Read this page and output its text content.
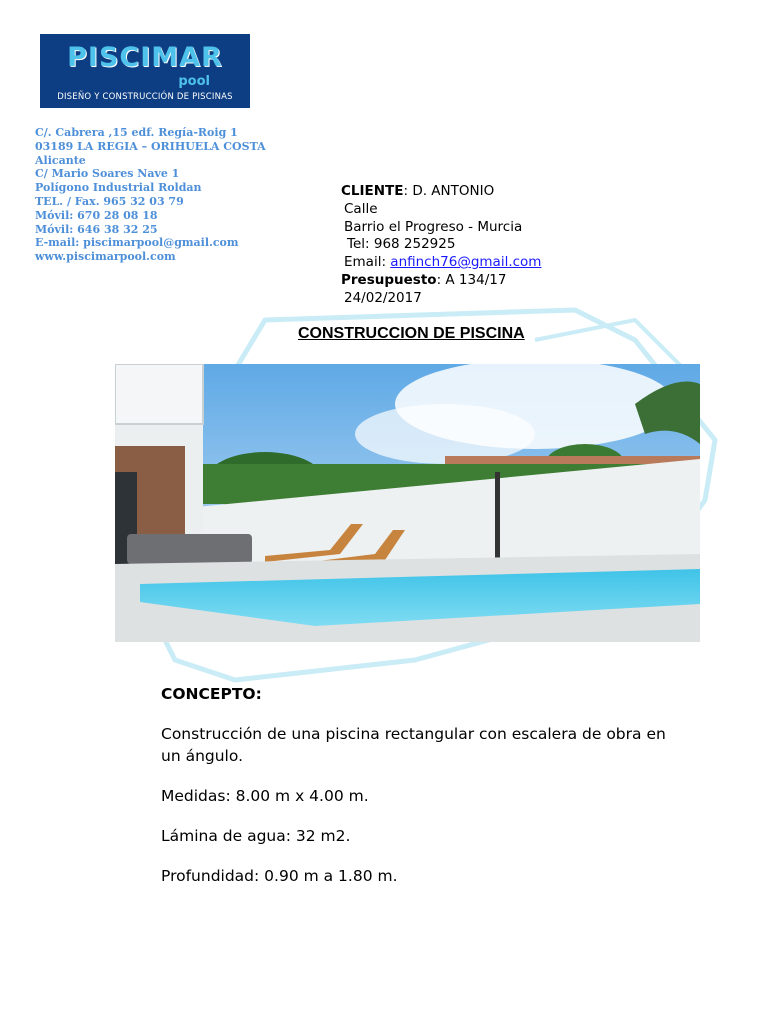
PISCIMAR
pool
DISEÑO Y CONSTRUCCIÓN DE PISCINAS
C/. Cabrera ,15 edf. Regía-Roig 1
03189 LA REGIA – ORIHUELA COSTA
Alicante
C/ Mario Soares Nave 1
Polígono Industrial Roldan
TEL. / Fax. 965 32 03 79
Móvil: 670 28 08 18
Móvil: 646 38 32 25
E-mail: piscimarpool@gmail.com
www.piscimarpool.com
CLIENTE: D. ANTONIO
Calle
Barrio el Progreso - Murcia
Tel: 968 252925
Email: anfinch76@gmail.com
Presupuesto: A 134/17
24/02/2017
CONSTRUCCION DE PISCINA
CONCEPTO:

Construcción de una piscina rectangular con escalera de obra en un ángulo.

Medidas: 8.00 m x 4.00 m.

Lámina de agua: 32 m2.

Profundidad: 0.90 m a 1.80 m.
